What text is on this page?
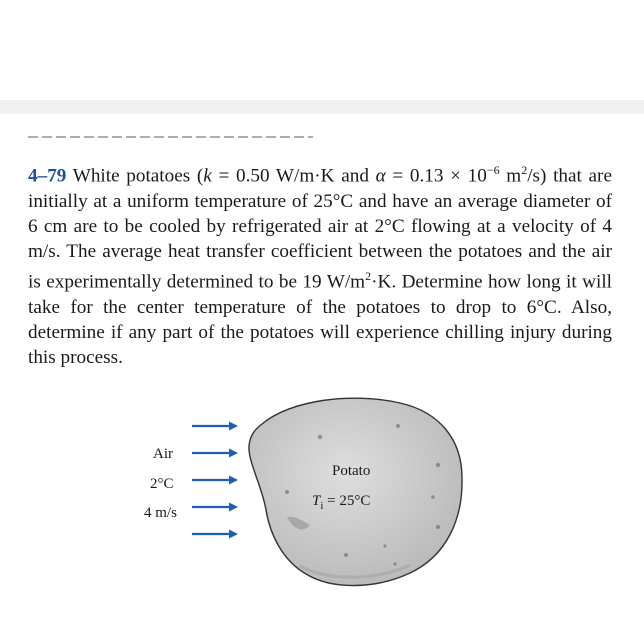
4–79 White potatoes (k = 0.50 W/m·K and $\alpha = 0.13 \times 10^{-6}$ $m^2/s$) that are initially at a uniform temperature of 25°C and have an average diameter of 6 cm are to be cooled by refrigerated air at 2°C flowing at a velocity of 4 m/s. The average heat transfer coefficient between the potatoes and the air is experimentally determined to be 19 $W/m^2\cdot K$. Determine how long it will take for the center temperature of the potatoes to drop to 6°C. Also, determine if any part of the potatoes will experience chilling injury during this process.

Air
2°C
4 m/s
Potato
$T_i = 25^\circ C$
